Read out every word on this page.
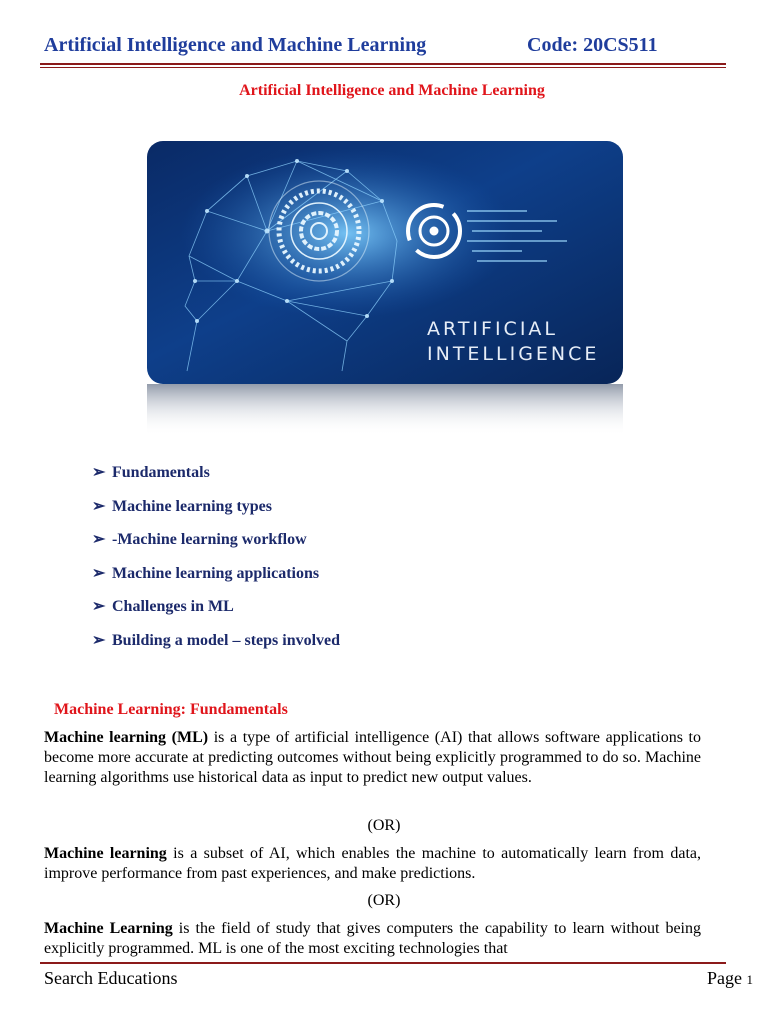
Artificial Intelligence and Machine Learning	Code: 20CS511
Artificial Intelligence and Machine Learning
ARTIFICIAL
INTELLIGENCE
➢ Fundamentals
➢ Machine learning types
➢ -Machine learning workflow
➢ Machine learning applications
➢ Challenges in ML
➢ Building a model – steps involved
Machine Learning: Fundamentals
Machine learning (ML) is a type of artificial intelligence (AI) that allows software applications to become more accurate at predicting outcomes without being explicitly programmed to do so. Machine learning algorithms use historical data as input to predict new output values.
(OR)
Machine learning is a subset of AI, which enables the machine to automatically learn from data, improve performance from past experiences, and make predictions.
(OR)
Machine Learning is the field of study that gives computers the capability to learn without being explicitly programmed. ML is one of the most exciting technologies that
Search Educations	Page 1
